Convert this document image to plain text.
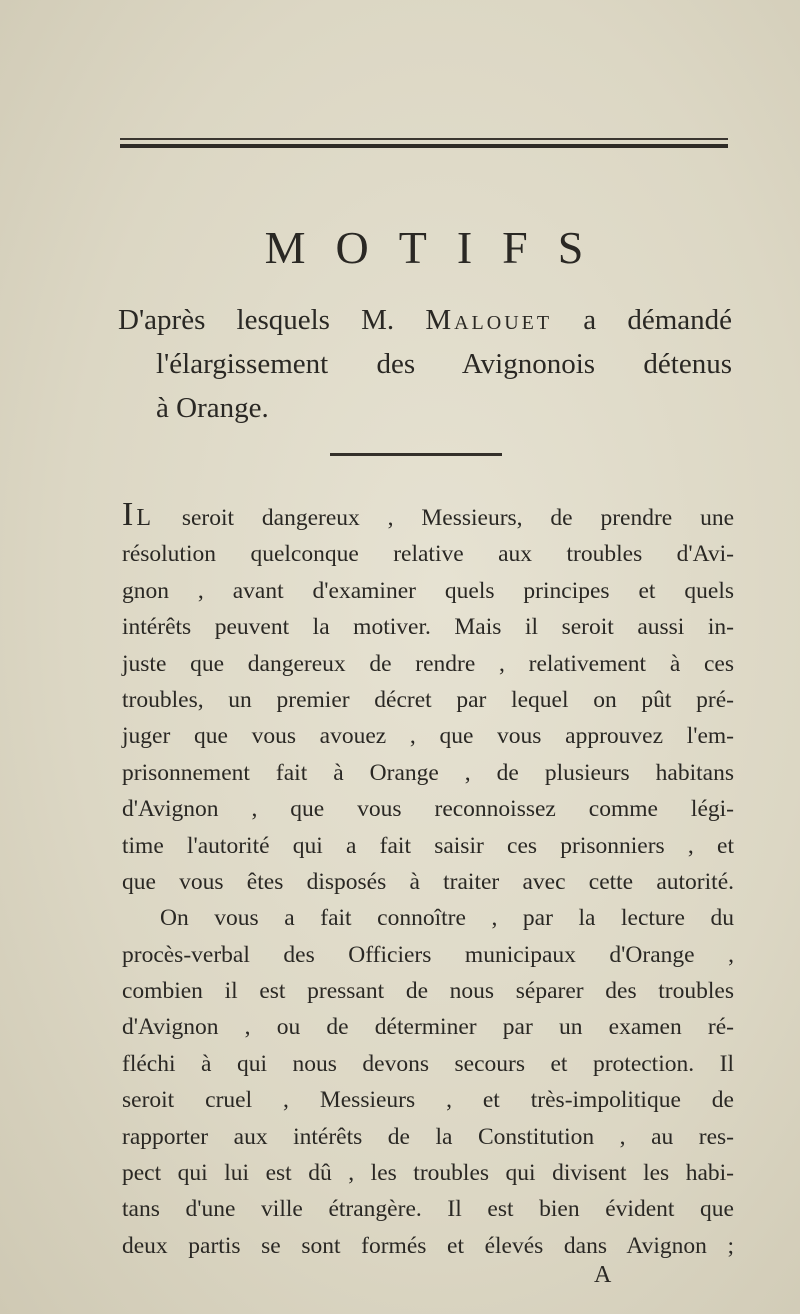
MOTIFS
D'après lesquels M. Malouet a démandé
l'élargissement des Avignonois détenus
à Orange.
Il seroit dangereux , Messieurs, de prendre une
résolution quelconque relative aux troubles d'Avi-
gnon , avant d'examiner quels principes et quels
intérêts peuvent la motiver. Mais il seroit aussi in-
juste que dangereux de rendre , relativement à ces
troubles, un premier décret par lequel on pût pré-
juger que vous avouez , que vous approuvez l'em-
prisonnement fait à Orange , de plusieurs habitans
d'Avignon , que vous reconnoissez comme légi-
time l'autorité qui a fait saisir ces prisonniers , et
que vous êtes disposés à traiter avec cette autorité.
On vous a fait connoître , par la lecture du
procès-verbal des Officiers municipaux d'Orange ,
combien il est pressant de nous séparer des troubles
d'Avignon , ou de déterminer par un examen ré-
fléchi à qui nous devons secours et protection. Il
seroit cruel , Messieurs , et très-impolitique de
rapporter aux intérêts de la Constitution , au res-
pect qui lui est dû , les troubles qui divisent les habi-
tans d'une ville étrangère. Il est bien évident que
deux partis se sont formés et élevés dans Avignon ;
A
